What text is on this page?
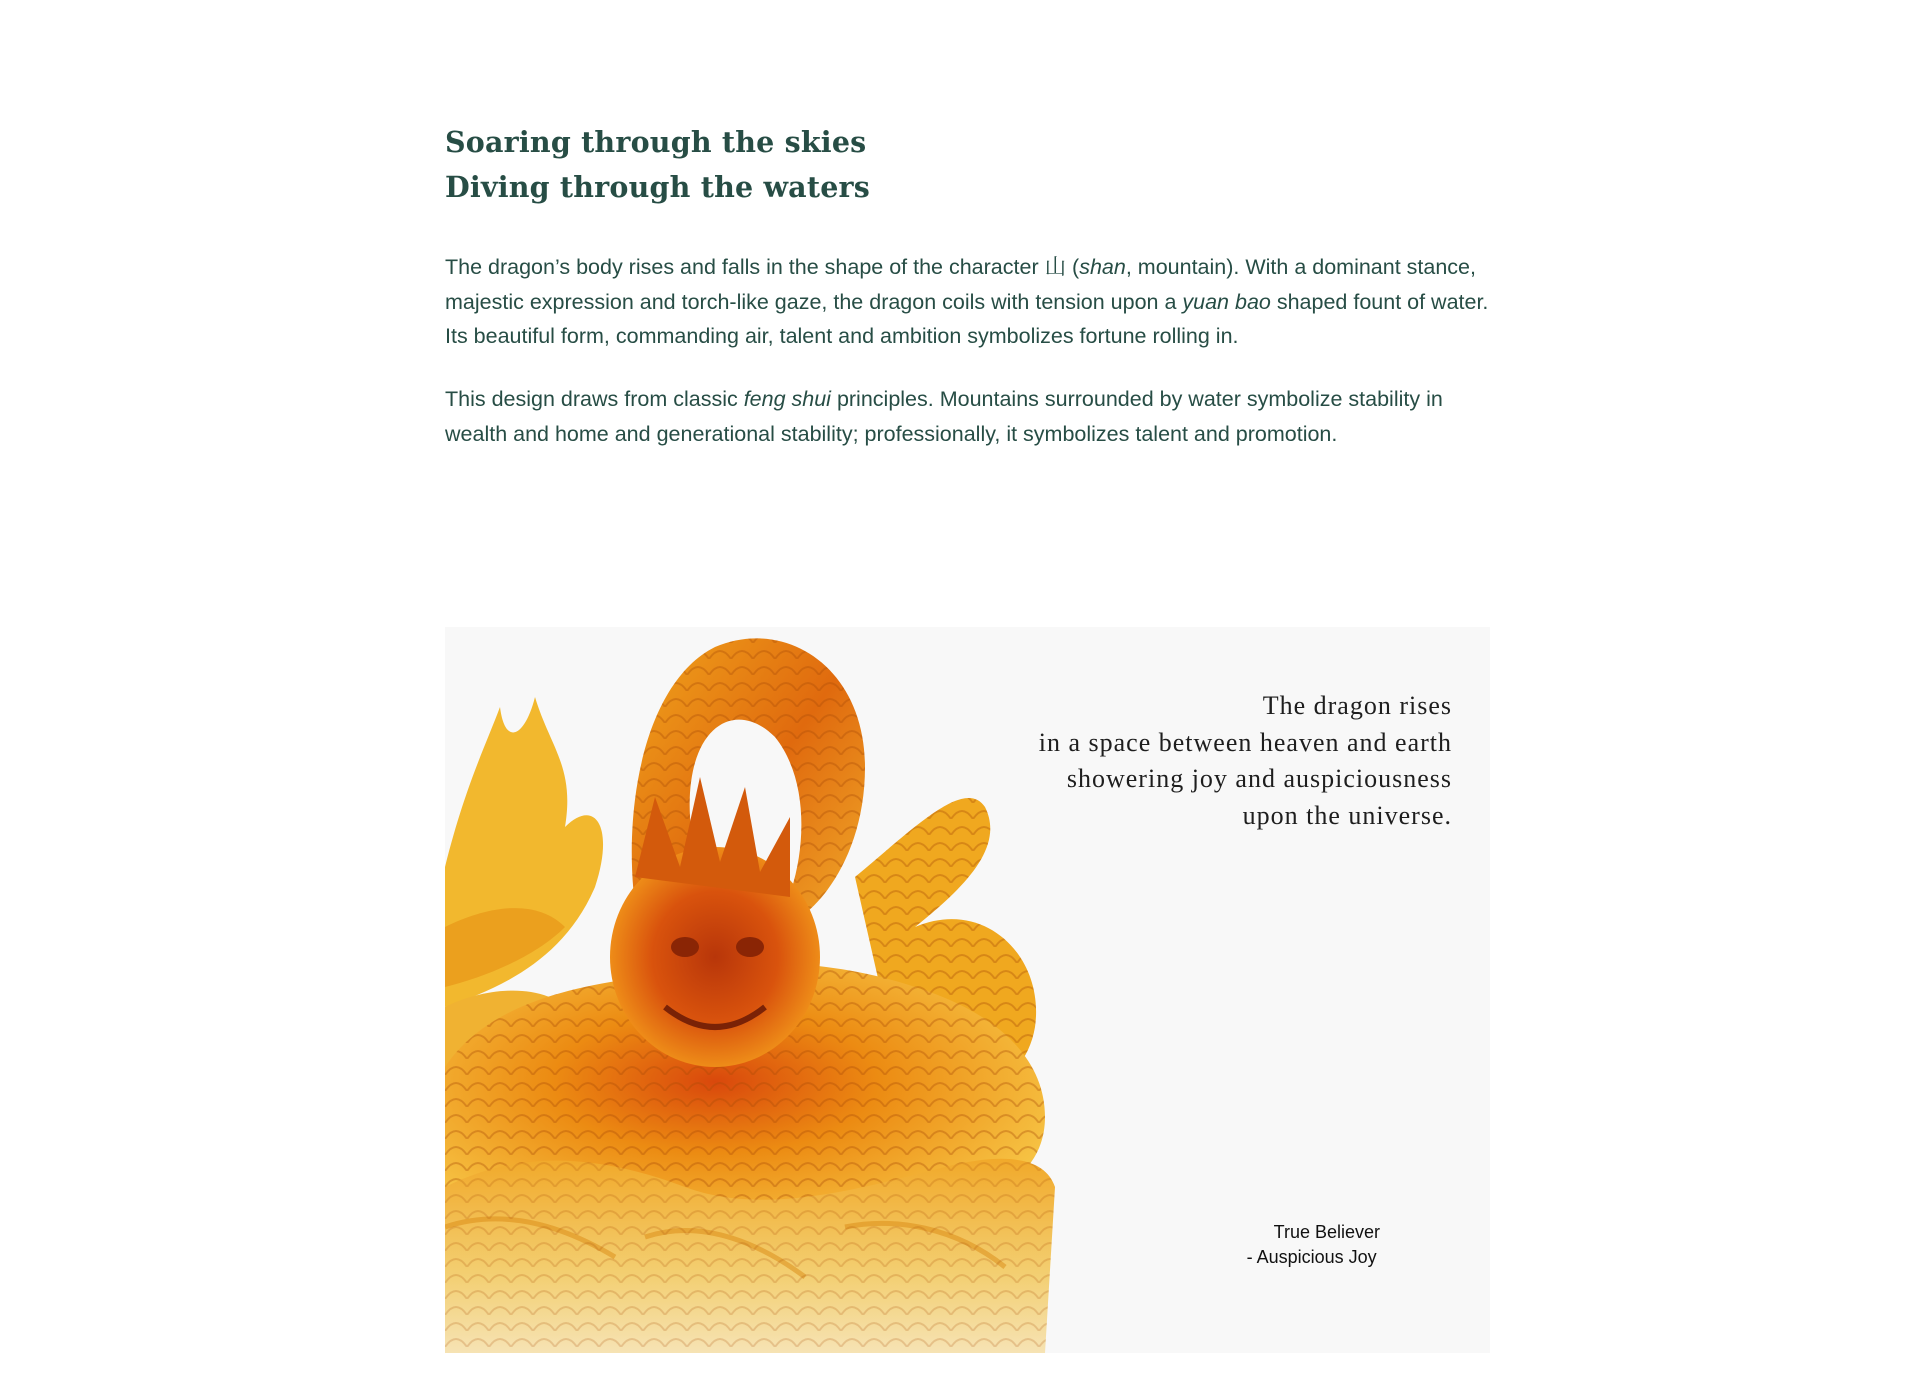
Soaring through the skies
Diving through the waters

The dragon’s body rises and falls in the shape of the character 山 (shan, mountain). With a dominant stance, majestic expression and torch-like gaze, the dragon coils with tension upon a yuan bao shaped fount of water. Its beautiful form, commanding air, talent and ambition symbolizes fortune rolling in.

This design draws from classic feng shui principles. Mountains surrounded by water symbolize stability in wealth and home and generational stability; professionally, it symbolizes talent and promotion.

The dragon rises
in a space between heaven and earth
showering joy and auspiciousness
upon the universe.
True Believer
- Auspicious Joy
